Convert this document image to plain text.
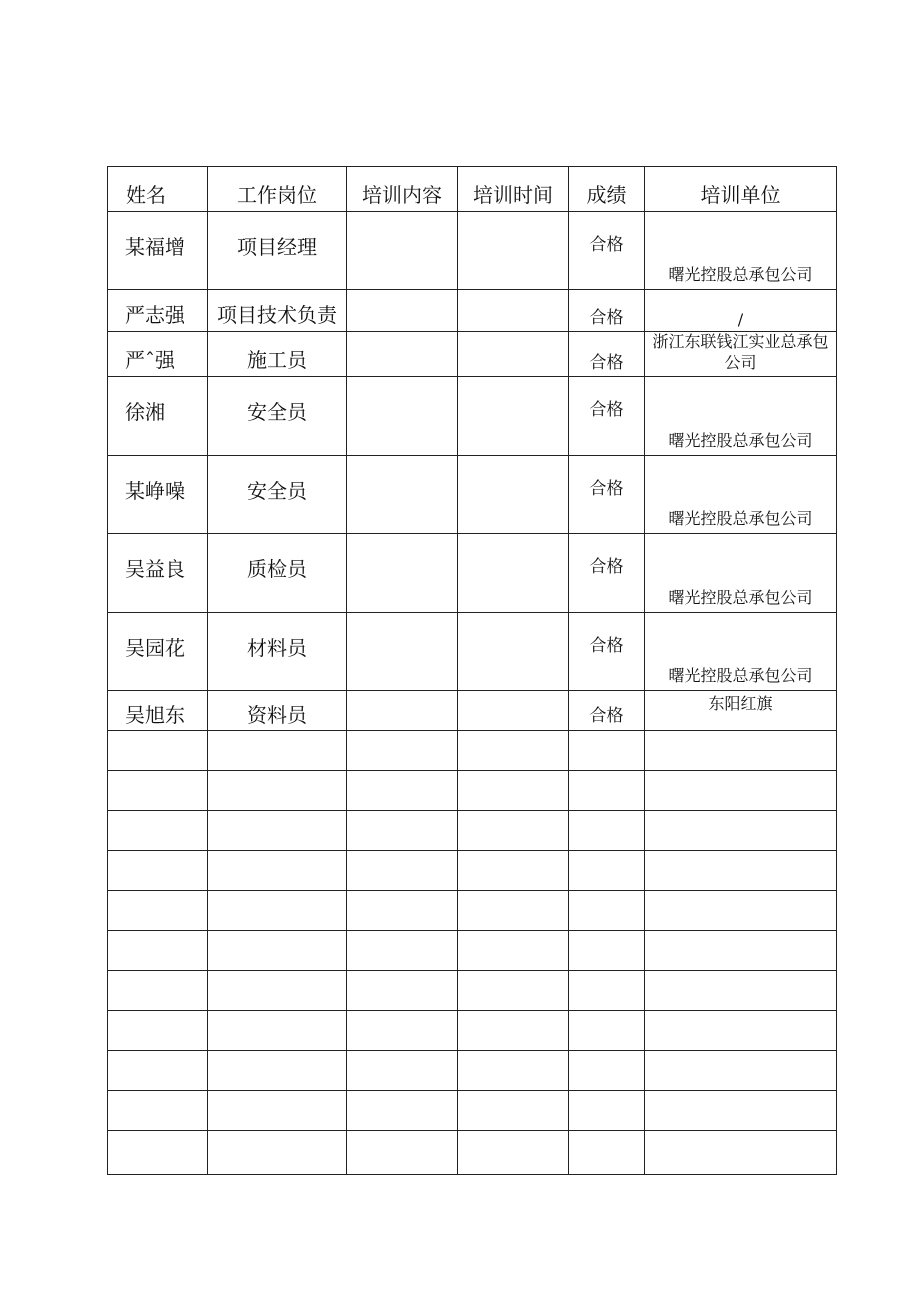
姓名	工作岗位	培训内容	培训时间	成绩	培训单位
某福增	项目经理			合格	曙光控股总承包公司
严志强	项目技术负责			合格	/
严ˆ强	施工员			合格	浙江东联钱江实业总承包公司
徐湘	安全员			合格	曙光控股总承包公司
某峥噪	安全员			合格	曙光控股总承包公司
吴益良	质检员			合格	曙光控股总承包公司
吴园花	材料员			合格	曙光控股总承包公司
吴旭东	资料员			合格	东阳红旗
